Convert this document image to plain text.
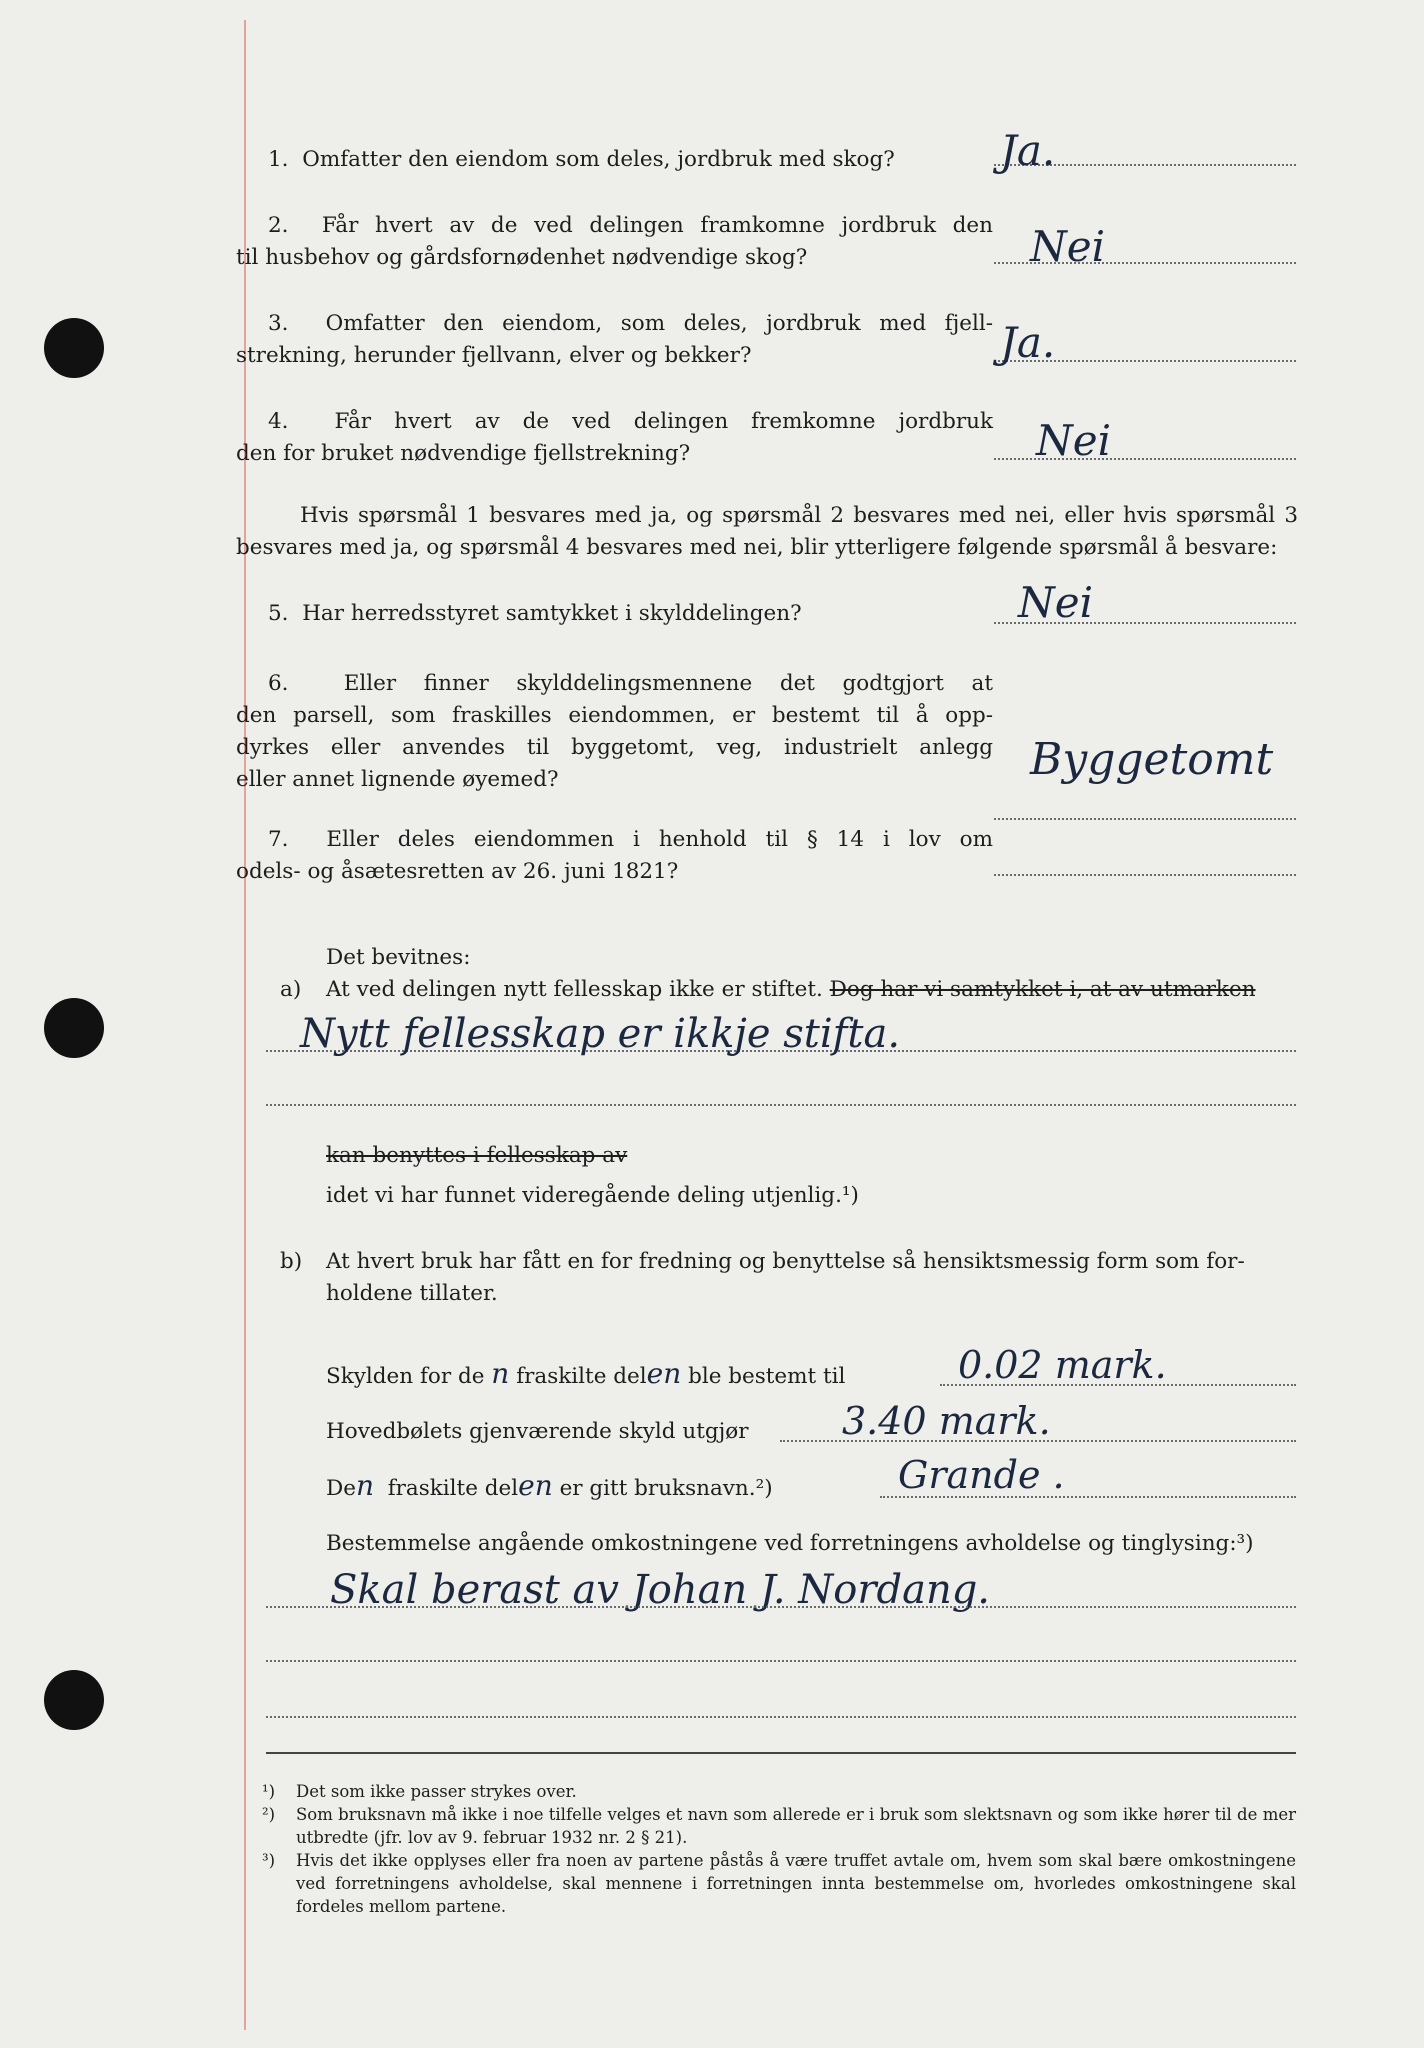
1. Omfatter den eiendom som deles, jordbruk med skog?	Ja.

2. Får hvert av de ved delingen framkomne jordbruk den

til husbehov og gårdsfornødenhet nødvendige skog?	Nei

3. Omfatter den eiendom, som deles, jordbruk med fjell-

strekning, herunder fjellvann, elver og bekker?	Ja.

4. Får hvert av de ved delingen fremkomne jordbruk

den for bruket nødvendige fjellstrekning?	Nei

Hvis spørsmål 1 besvares med ja, og spørsmål 2 besvares med nei, eller hvis spørsmål 3

besvares med ja, og spørsmål 4 besvares med nei, blir ytterligere følgende spørsmål å besvare:

5. Har herredsstyret samtykket i skylddelingen?	Nei

6.	Eller finner skylddelingsmennene det godtgjort at

den parsell, som fraskilles eiendommen, er bestemt til å opp-

dyrkes eller anvendes til byggetomt, veg, industrielt anlegg

eller annet lignende øyemed?	Byggetomt

7. Eller deles eiendommen i henhold til § 14 i lov om

odels- og åsætesretten av 26. juni 1821?

Det bevitnes:
a) At ved delingen nytt fellesskap ikke er stiftet. Dog har vi samtykket i, at av utmarken
Nytt fellesskap er ikkje stifta.
kan benyttes i fellesskap av
idet vi har funnet videregående deling utjenlig.¹)
b) At hvert bruk har fått en for fredning og benyttelse så hensiktsmessig form som for-
holdene tillater.
Skylden for de n fraskilte delen ble bestemt til	0.02 mark.
Hovedbølets gjenværende skyld utgjør 3.40 mark.
Den fraskilte delen er gitt bruksnavn.²)	Grande .
Bestemmelse angående omkostningene ved forretningens avholdelse og tinglysing:³)
Skal berast av Johan J. Nordang.
¹)	Det som ikke passer strykes over.
²)	Som bruksnavn må ikke i noe tilfelle velges et navn som allerede er i bruk som slektsnavn og som ikke hører til de mer utbredte (jfr. lov av 9. februar 1932 nr. 2 § 21).
³)	Hvis det ikke opplyses eller fra noen av partene påstås å være truffet avtale om, hvem som skal bære omkostningene ved forretningens avholdelse, skal mennene i forretningen innta bestemmelse om, hvorledes omkostningene skal fordeles mellom partene.
